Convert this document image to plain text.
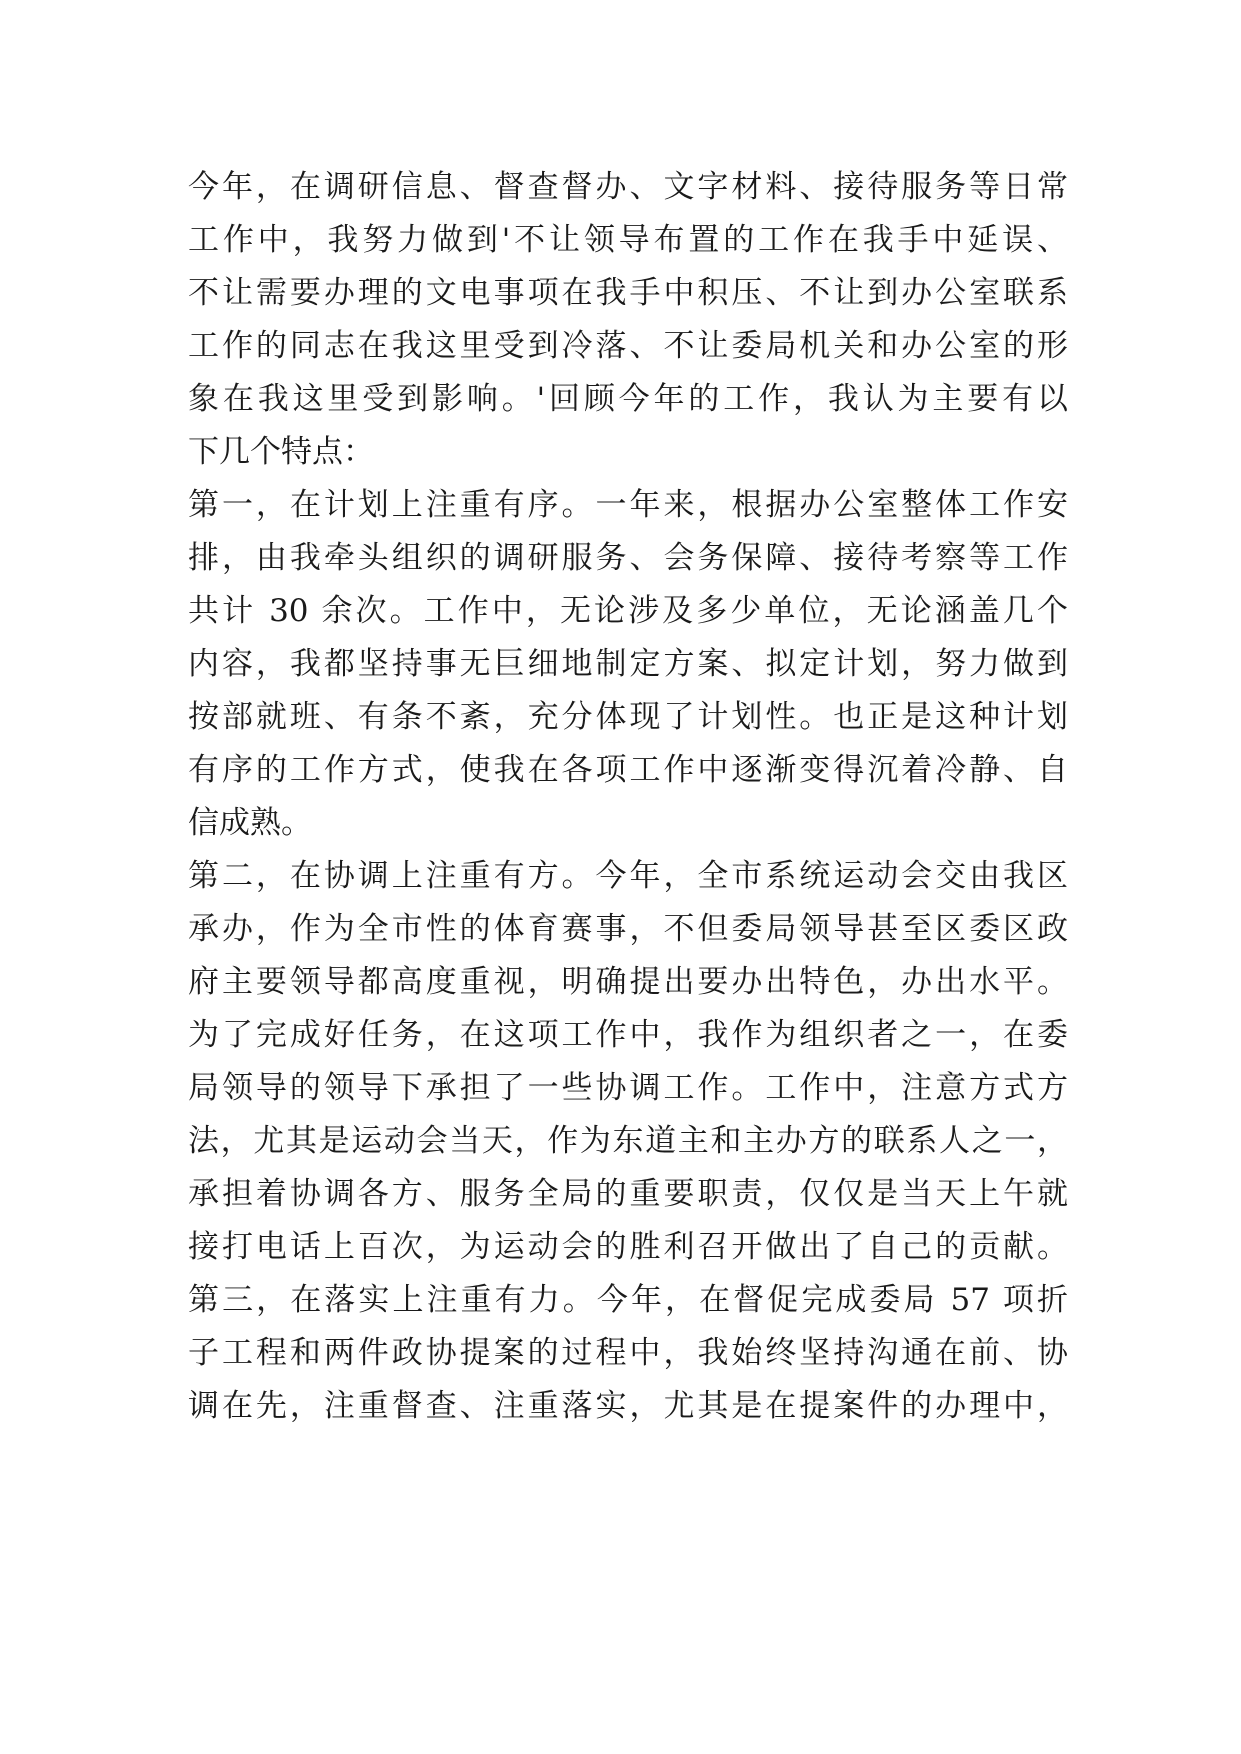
今年，在调研信息、督查督办、文字材料、接待服务等日常
工作中，我努力做到'不让领导布置的工作在我手中延误、
不让需要办理的文电事项在我手中积压、不让到办公室联系
工作的同志在我这里受到冷落、不让委局机关和办公室的形
象在我这里受到影响。'回顾今年的工作，我认为主要有以
下几个特点：
第一，在计划上注重有序。一年来，根据办公室整体工作安
排，由我牵头组织的调研服务、会务保障、接待考察等工作
共计 30 余次。工作中，无论涉及多少单位，无论涵盖几个
内容，我都坚持事无巨细地制定方案、拟定计划，努力做到
按部就班、有条不紊，充分体现了计划性。也正是这种计划
有序的工作方式，使我在各项工作中逐渐变得沉着冷静、自
信成熟。
第二，在协调上注重有方。今年，全市系统运动会交由我区
承办，作为全市性的体育赛事，不但委局领导甚至区委区政
府主要领导都高度重视，明确提出要办出特色，办出水平。
为了完成好任务，在这项工作中，我作为组织者之一，在委
局领导的领导下承担了一些协调工作。工作中，注意方式方
法，尤其是运动会当天，作为东道主和主办方的联系人之一，
承担着协调各方、服务全局的重要职责，仅仅是当天上午就
接打电话上百次，为运动会的胜利召开做出了自己的贡献。
第三，在落实上注重有力。今年，在督促完成委局 57 项折
子工程和两件政协提案的过程中，我始终坚持沟通在前、协
调在先，注重督查、注重落实，尤其是在提案件的办理中，
